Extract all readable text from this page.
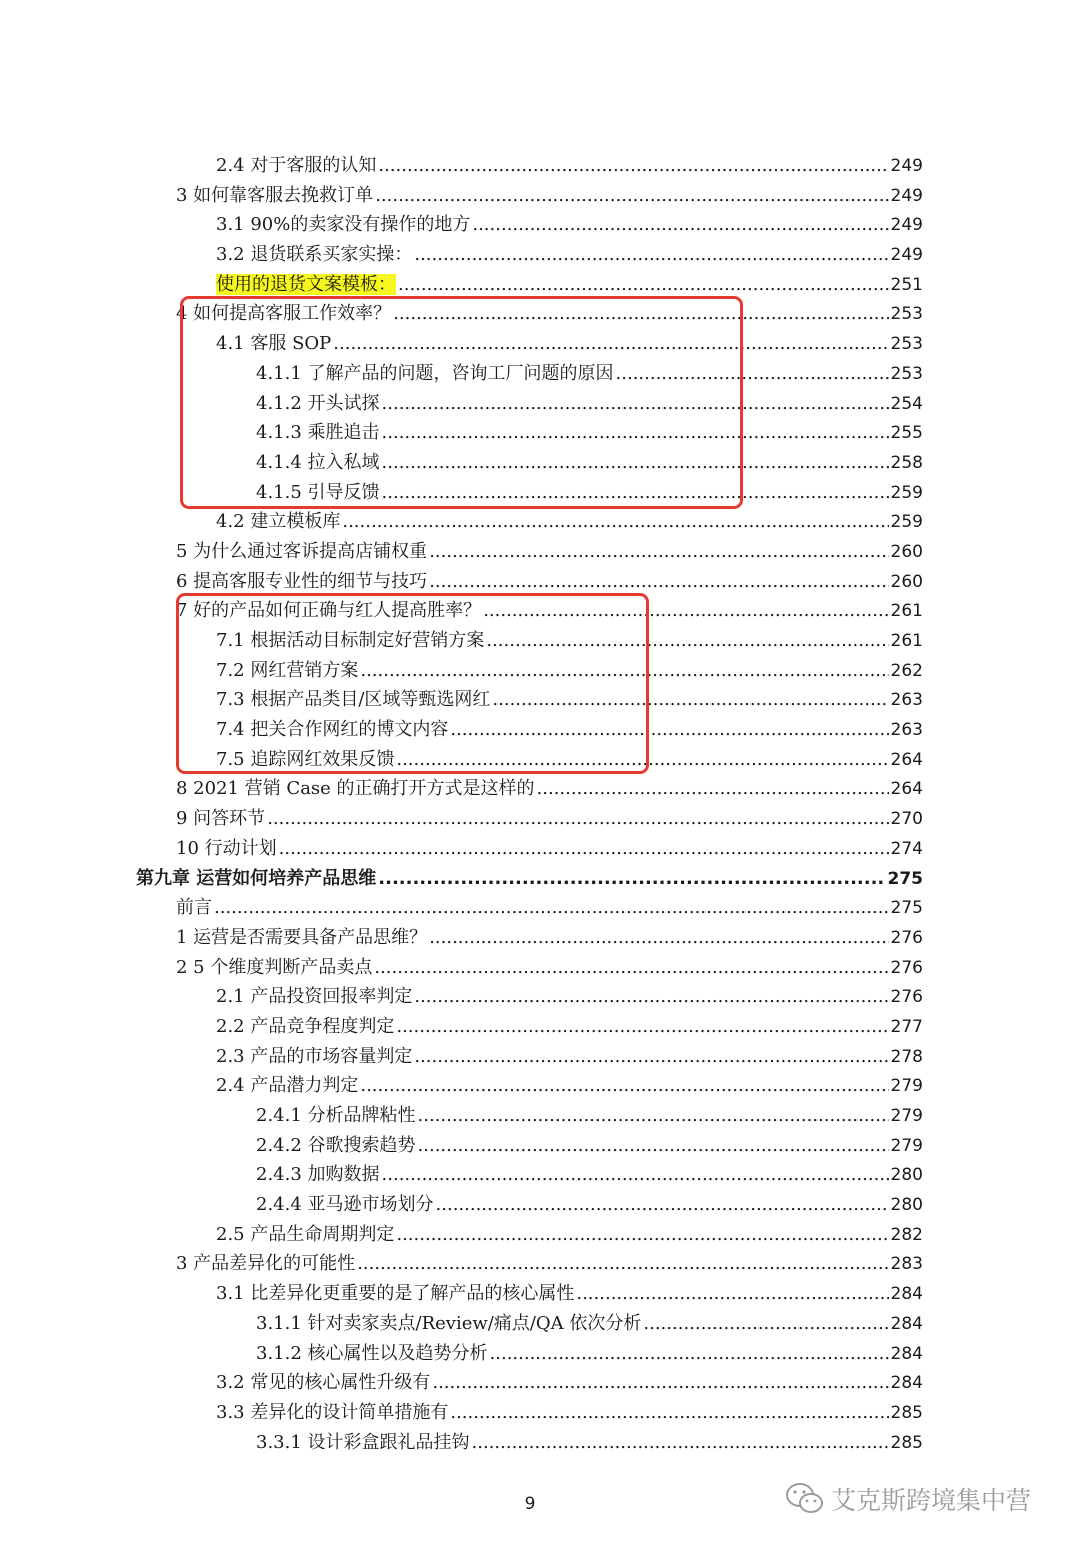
2.4 对于客服的认知 .....	249
3 如何靠客服去挽救订单 .....	249
3.1 90%的卖家没有操作的地方 .....	249
3.2 退货联系买家实操： .....	249
使用的退货文案模板： .....	251
4 如何提高客服工作效率？ .....	253
4.1 客服 SOP .....	253
4.1.1 了解产品的问题，咨询工厂问题的原因 .....	253
4.1.2 开头试探 .....	254
4.1.3 乘胜追击 .....	255
4.1.4 拉入私域 .....	258
4.1.5 引导反馈 .....	259
4.2 建立模板库 .....	259
5 为什么通过客诉提高店铺权重 .....	260
6 提高客服专业性的细节与技巧 .....	260
7 好的产品如何正确与红人提高胜率？ .....	261
7.1 根据活动目标制定好营销方案 .....	261
7.2 网红营销方案 .....	262
7.3 根据产品类目/区域等甄选网红 .....	263
7.4 把关合作网红的博文内容 .....	263
7.5 追踪网红效果反馈 .....	264
8 2021 营销 Case 的正确打开方式是这样的 .....	264
9 问答环节 .....	270
10 行动计划 .....	274
第九章 运营如何培养产品思维 .....	275
前言 .....	275
1 运营是否需要具备产品思维？ .....	276
2 5 个维度判断产品卖点 .....	276
2.1 产品投资回报率判定 .....	276
2.2 产品竞争程度判定 .....	277
2.3 产品的市场容量判定 .....	278
2.4 产品潜力判定 .....	279
2.4.1 分析品牌粘性 .....	279
2.4.2 谷歌搜索趋势 .....	279
2.4.3 加购数据 .....	280
2.4.4 亚马逊市场划分 .....	280
2.5 产品生命周期判定 .....	282
3 产品差异化的可能性 .....	283
3.1 比差异化更重要的是了解产品的核心属性 .....	284
3.1.1 针对卖家卖点/Review/痛点/QA 依次分析 .....	284
3.1.2 核心属性以及趋势分析 .....	284
3.2 常见的核心属性升级有 .....	284
3.3 差异化的设计简单措施有 .....	285
3.3.1 设计彩盒跟礼品挂钩 .....	285
9	艾克斯跨境集中营
